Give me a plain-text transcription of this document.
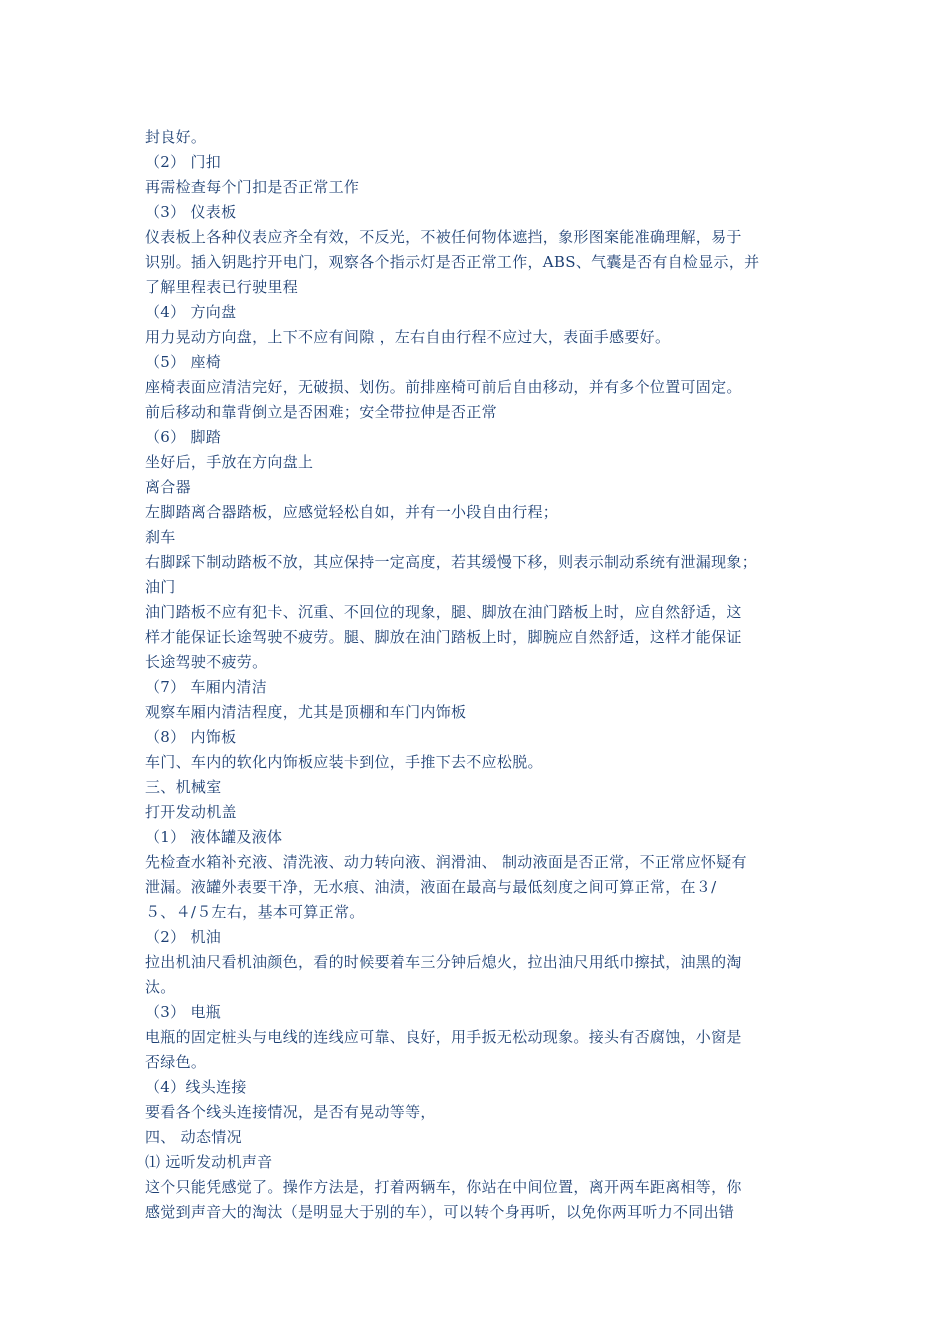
封良好。
（2） 门扣
再需检查每个门扣是否正常工作
（3） 仪表板
仪表板上各种仪表应齐全有效，不反光，不被任何物体遮挡，象形图案能准确理解，易于
识别。插入钥匙拧开电门，观察各个指示灯是否正常工作，ABS、气囊是否有自检显示，并
了解里程表已行驶里程
（4） 方向盘
用力晃动方向盘，上下不应有间隙 ，左右自由行程不应过大，表面手感要好。
（5） 座椅
座椅表面应清洁完好，无破损、划伤。前排座椅可前后自由移动，并有多个位置可固定。
前后移动和靠背倒立是否困难；安全带拉伸是否正常
（6） 脚踏
坐好后，手放在方向盘上
离合器
左脚踏离合器踏板，应感觉轻松自如，并有一小段自由行程；
刹车
右脚踩下制动踏板不放，其应保持一定高度，若其缓慢下移，则表示制动系统有泄漏现象；
油门
油门踏板不应有犯卡、沉重、不回位的现象，腿、脚放在油门踏板上时，应自然舒适，这
样才能保证长途驾驶不疲劳。腿、脚放在油门踏板上时，脚腕应自然舒适，这样才能保证
长途驾驶不疲劳。
（7） 车厢内清洁
观察车厢内清洁程度，尤其是顶棚和车门内饰板
（8） 内饰板
车门、车内的软化内饰板应装卡到位，手推下去不应松脱。
三、机械室
打开发动机盖
（1） 液体罐及液体
先检查水箱补充液、清洗液、动力转向液、润滑油、 制动液面是否正常，不正常应怀疑有
泄漏。液罐外表要干净，无水痕、油渍，液面在最高与最低刻度之间可算正常，在３/
５、４/５左右，基本可算正常。
（2） 机油
拉出机油尺看机油颜色，看的时候要着车三分钟后熄火，拉出油尺用纸巾擦拭，油黑的淘
汰。
（3） 电瓶
电瓶的固定桩头与电线的连线应可靠、良好，用手扳无松动现象。接头有否腐蚀，小窗是
否绿色。
（4）线头连接
要看各个线头连接情况，是否有晃动等等，
四、 动态情况
⑴ 远听发动机声音
这个只能凭感觉了。操作方法是，打着两辆车，你站在中间位置，离开两车距离相等，你
感觉到声音大的淘汰（是明显大于别的车），可以转个身再听，以免你两耳听力不同出错
